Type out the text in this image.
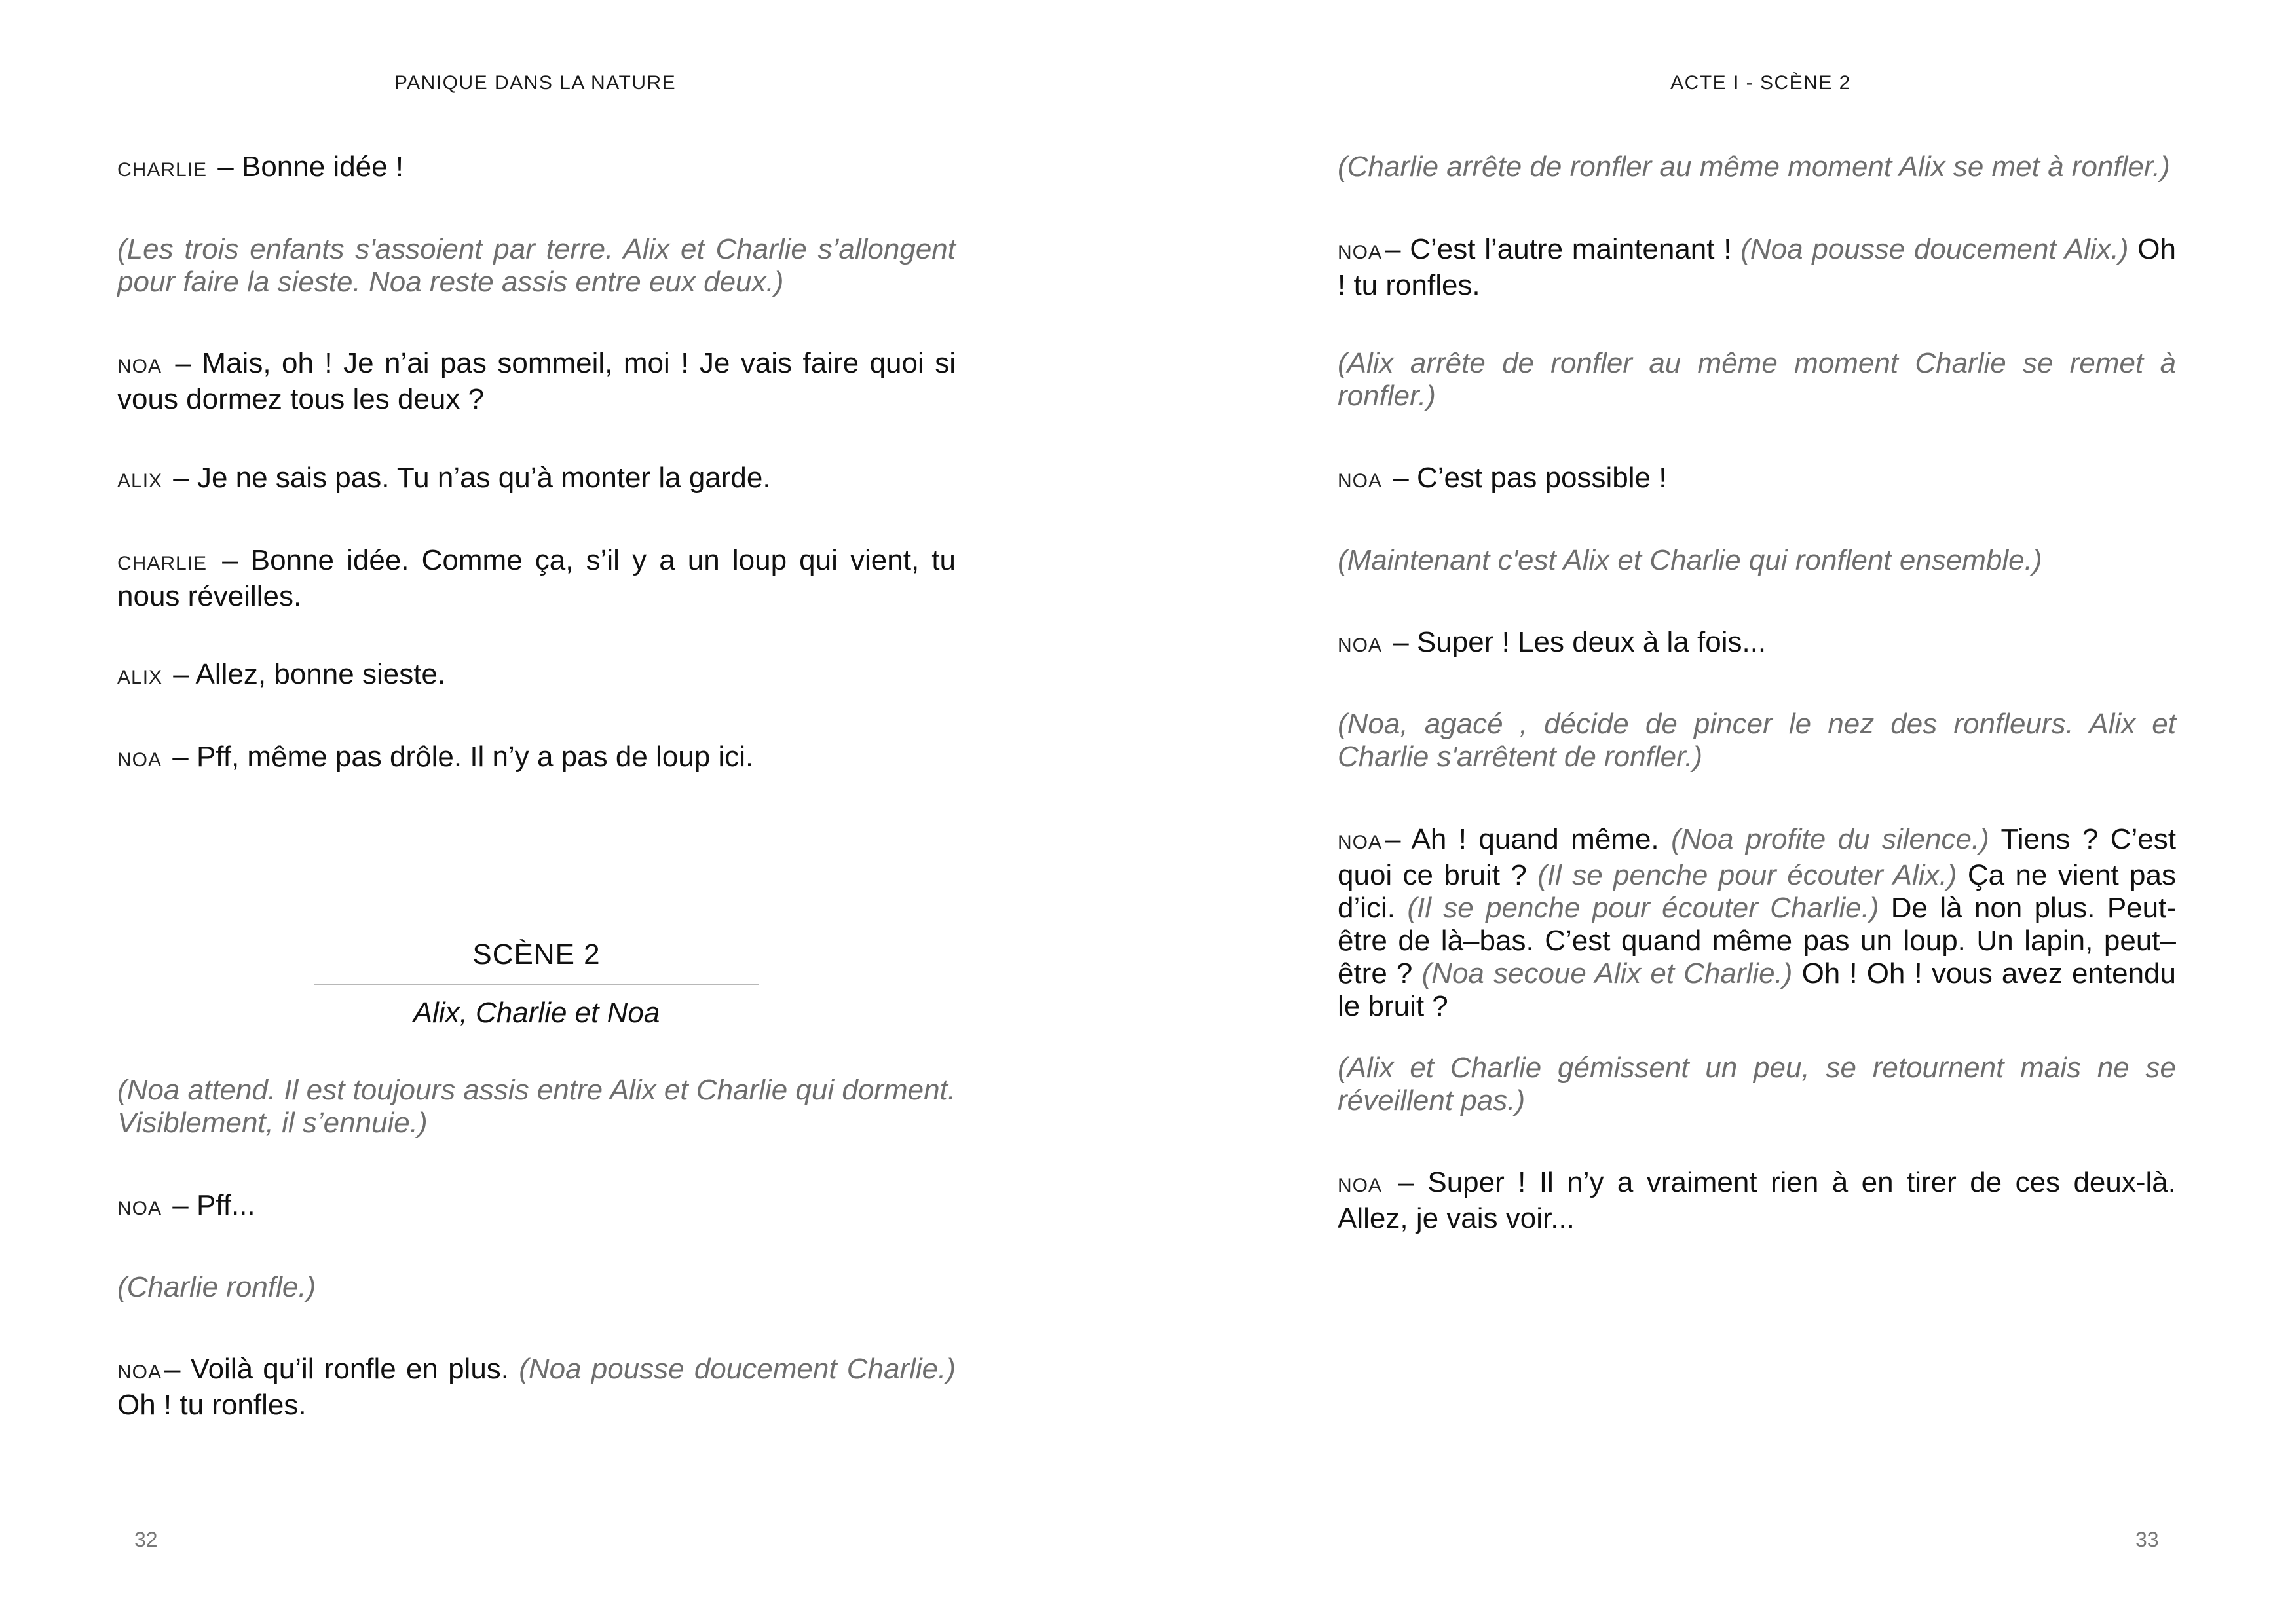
PANIQUE DANS LA NATURE
CHARLIE – Bonne idée !
(Les trois enfants s'assoient par terre. Alix et Charlie s’allongent pour faire la sieste. Noa reste assis entre eux deux.)
NOA – Mais, oh ! Je n’ai pas sommeil, moi ! Je vais faire quoi si vous dormez tous les deux ?
ALIX – Je ne sais pas. Tu n’as qu’à monter la garde.
CHARLIE – Bonne idée. Comme ça, s’il y a un loup qui vient, tu nous réveilles.
ALIX – Allez, bonne sieste.
NOA – Pff, même pas drôle. Il n’y a pas de loup ici.
SCÈNE 2
Alix, Charlie et Noa
(Noa attend. Il est toujours assis entre Alix et Charlie qui dorment. Visiblement, il s’ennuie.)
NOA – Pff...
(Charlie ronfle.)
NOA– Voilà qu’il ronfle en plus. (Noa pousse doucement Charlie.) Oh ! tu ronfles.
32
ACTE I - SCÈNE 2
(Charlie arrête de ronfler au même moment Alix se met à ronfler.)
NOA– C’est l’autre maintenant ! (Noa pousse doucement Alix.) Oh ! tu ronfles.
(Alix arrête de ronfler au même moment Charlie se remet à ronfler.)
NOA – C’est pas possible !
(Maintenant c'est Alix et Charlie qui ronflent ensemble.)
NOA – Super ! Les deux à la fois...
(Noa, agacé , décide de pincer le nez des ronfleurs. Alix et Charlie s'arrêtent de ronfler.)
NOA– Ah ! quand même. (Noa profite du silence.) Tiens ? C’est quoi ce bruit ? (Il se penche pour écouter Alix.) Ça ne vient pas d’ici. (Il se penche pour écouter Charlie.) De là non plus. Peut-être de là–bas. C’est quand même pas un loup. Un lapin, peut–être ? (Noa secoue Alix et Charlie.) Oh ! Oh ! vous avez entendu le bruit ?
(Alix et Charlie gémissent un peu, se retournent mais ne se réveillent pas.)
NOA – Super ! Il n’y a vraiment rien à en tirer de ces deux-là. Allez, je vais voir...
33
